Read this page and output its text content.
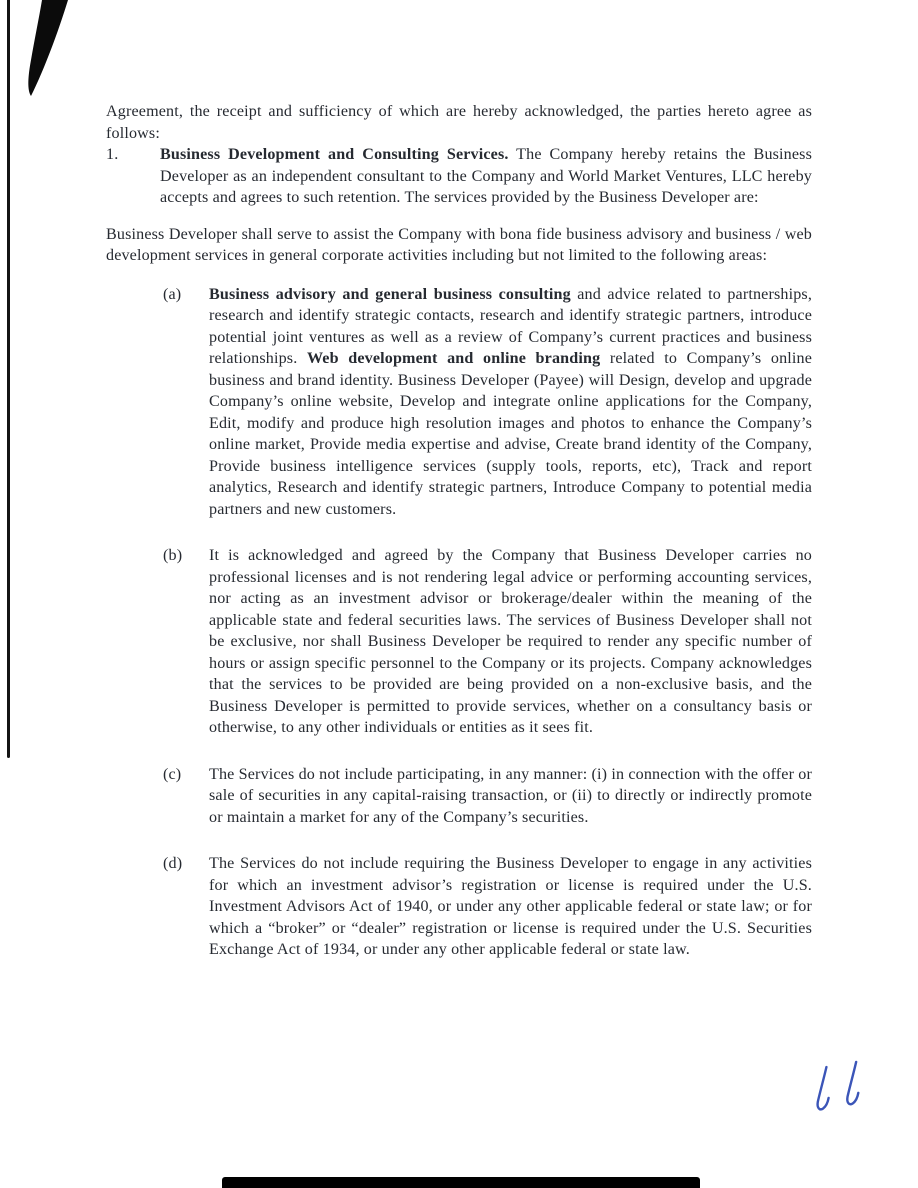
Agreement, the receipt and sufficiency of which are hereby acknowledged, the parties hereto agree as follows:

1.	Business Development and Consulting Services. The Company hereby retains the Business Developer as an independent consultant to the Company and World Market Ventures, LLC hereby accepts and agrees to such retention. The services provided by the Business Developer are:

Business Developer shall serve to assist the Company with bona fide business advisory and business / web development services in general corporate activities including but not limited to the following areas:

(a)	Business advisory and general business consulting and advice related to partnerships, research and identify strategic contacts, research and identify strategic partners, introduce potential joint ventures as well as a review of Company’s current practices and business relationships. Web development and online branding related to Company’s online business and brand identity. Business Developer (Payee) will Design, develop and upgrade Company’s online website, Develop and integrate online applications for the Company, Edit, modify and produce high resolution images and photos to enhance the Company’s online market, Provide media expertise and advise, Create brand identity of the Company, Provide business intelligence services (supply tools, reports, etc), Track and report analytics, Research and identify strategic partners, Introduce Company to potential media partners and new customers.

(b)	It is acknowledged and agreed by the Company that Business Developer carries no professional licenses and is not rendering legal advice or performing accounting services, nor acting as an investment advisor or brokerage/dealer within the meaning of the applicable state and federal securities laws. The services of Business Developer shall not be exclusive, nor shall Business Developer be required to render any specific number of hours or assign specific personnel to the Company or its projects. Company acknowledges that the services to be provided are being provided on a non-exclusive basis, and the Business Developer is permitted to provide services, whether on a consultancy basis or otherwise, to any other individuals or entities as it sees fit.

(c)	The Services do not include participating, in any manner: (i) in connection with the offer or sale of securities in any capital-raising transaction, or (ii) to directly or indirectly promote or maintain a market for any of the Company’s securities.

(d)	The Services do not include requiring the Business Developer to engage in any activities for which an investment advisor’s registration or license is required under the U.S. Investment Advisors Act of 1940, or under any other applicable federal or state law; or for which a “broker” or “dealer” registration or license is required under the U.S. Securities Exchange Act of 1934, or under any other applicable federal or state law.
